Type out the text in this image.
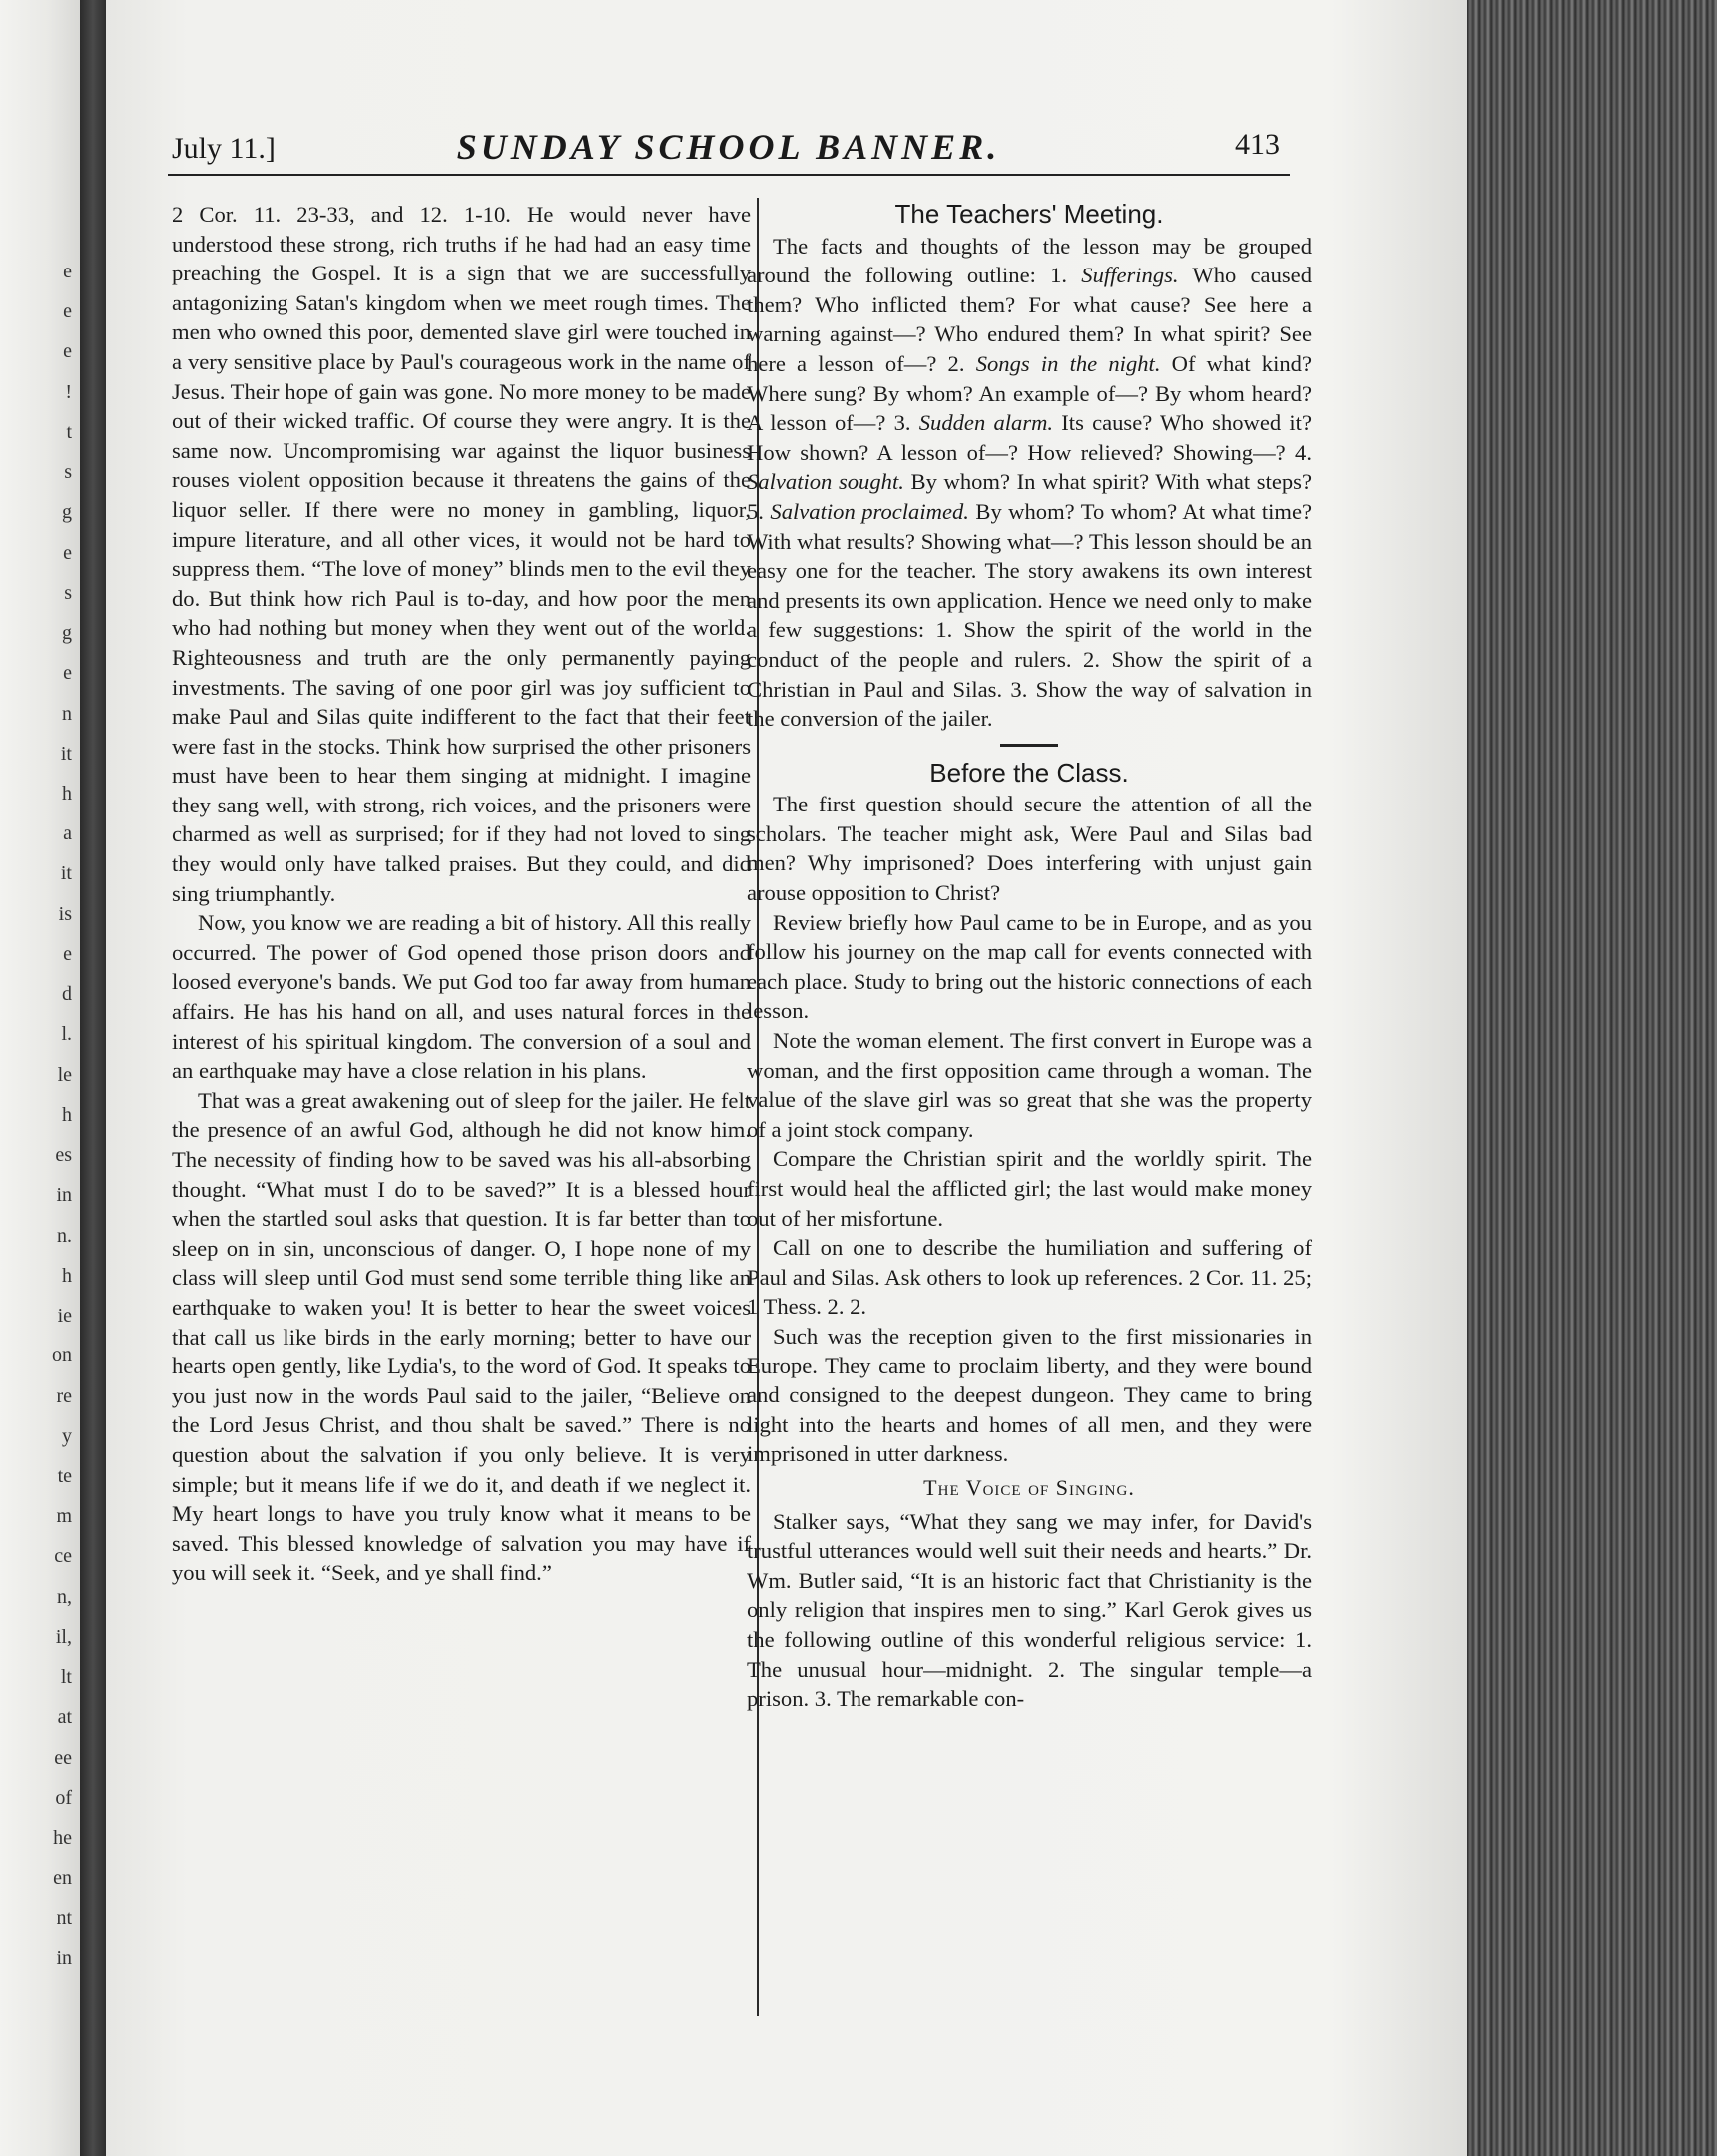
e
e
e
!
t
s
g
e
s
g
e
n
it
h
a
it
is
e
d
l.
le
h
es
in
n.
h
ie
on
re
y
te
m
ce
n,
il,
lt
at
ee
of
he
en
nt
in
July 11.]	SUNDAY SCHOOL BANNER.	413

2 Cor. 11. 23-33, and 12. 1-10. He would never have understood these strong, rich truths if he had had an easy time preaching the Gospel. It is a sign that we are successfully antagonizing Satan's kingdom when we meet rough times. The men who owned this poor, demented slave girl were touched in a very sensitive place by Paul's courageous work in the name of Jesus. Their hope of gain was gone. No more money to be made out of their wicked traffic. Of course they were angry. It is the same now. Uncompromising war against the liquor business rouses violent opposition because it threatens the gains of the liquor seller. If there were no money in gambling, liquor, impure literature, and all other vices, it would not be hard to suppress them. “The love of money” blinds men to the evil they do. But think how rich Paul is to-day, and how poor the men who had nothing but money when they went out of the world. Righteousness and truth are the only permanently paying investments. The saving of one poor girl was joy sufficient to make Paul and Silas quite indifferent to the fact that their feet were fast in the stocks. Think how surprised the other prisoners must have been to hear them singing at midnight. I imagine they sang well, with strong, rich voices, and the prisoners were charmed as well as surprised; for if they had not loved to sing they would only have talked praises. But they could, and did sing triumphantly.

Now, you know we are reading a bit of history. All this really occurred. The power of God opened those prison doors and loosed everyone's bands. We put God too far away from human affairs. He has his hand on all, and uses natural forces in the interest of his spiritual kingdom. The conversion of a soul and an earthquake may have a close relation in his plans.

That was a great awakening out of sleep for the jailer. He felt the presence of an awful God, although he did not know him. The necessity of finding how to be saved was his all-absorbing thought. “What must I do to be saved?” It is a blessed hour when the startled soul asks that question. It is far better than to sleep on in sin, unconscious of danger. O, I hope none of my class will sleep until God must send some terrible thing like an earthquake to waken you! It is better to hear the sweet voices that call us like birds in the early morning; better to have our hearts open gently, like Lydia's, to the word of God. It speaks to you just now in the words Paul said to the jailer, “Believe on the Lord Jesus Christ, and thou shalt be saved.” There is no question about the salvation if you only believe. It is very simple; but it means life if we do it, and death if we neglect it. My heart longs to have you truly know what it means to be saved. This blessed knowledge of salvation you may have if you will seek it. “Seek, and ye shall find.”

The Teachers' Meeting.

The facts and thoughts of the lesson may be grouped around the following outline: 1. Sufferings. Who caused them? Who inflicted them? For what cause? See here a warning against—? Who endured them? In what spirit? See here a lesson of—? 2. Songs in the night. Of what kind? Where sung? By whom? An example of—? By whom heard? A lesson of—? 3. Sudden alarm. Its cause? Who showed it? How shown? A lesson of—? How relieved? Showing—? 4. Salvation sought. By whom? In what spirit? With what steps? 5. Salvation proclaimed. By whom? To whom? At what time? With what results? Showing what—? This lesson should be an easy one for the teacher. The story awakens its own interest and presents its own application. Hence we need only to make a few suggestions: 1. Show the spirit of the world in the conduct of the people and rulers. 2. Show the spirit of a Christian in Paul and Silas. 3. Show the way of salvation in the conversion of the jailer.

Before the Class.

The first question should secure the attention of all the scholars. The teacher might ask, Were Paul and Silas bad men? Why imprisoned? Does interfering with unjust gain arouse opposition to Christ?

Review briefly how Paul came to be in Europe, and as you follow his journey on the map call for events connected with each place. Study to bring out the historic connections of each lesson.

Note the woman element. The first convert in Europe was a woman, and the first opposition came through a woman. The value of the slave girl was so great that she was the property of a joint stock company.

Compare the Christian spirit and the worldly spirit. The first would heal the afflicted girl; the last would make money out of her misfortune.

Call on one to describe the humiliation and suffering of Paul and Silas. Ask others to look up references. 2 Cor. 11. 25; 1 Thess. 2. 2.

Such was the reception given to the first missionaries in Europe. They came to proclaim liberty, and they were bound and consigned to the deepest dungeon. They came to bring light into the hearts and homes of all men, and they were imprisoned in utter darkness.

The Voice of Singing.

Stalker says, “What they sang we may infer, for David's trustful utterances would well suit their needs and hearts.” Dr. Wm. Butler said, “It is an historic fact that Christianity is the only religion that inspires men to sing.” Karl Gerok gives us the following outline of this wonderful religious service: 1. The unusual hour—midnight. 2. The singular temple—a prison. 3. The remarkable con-
